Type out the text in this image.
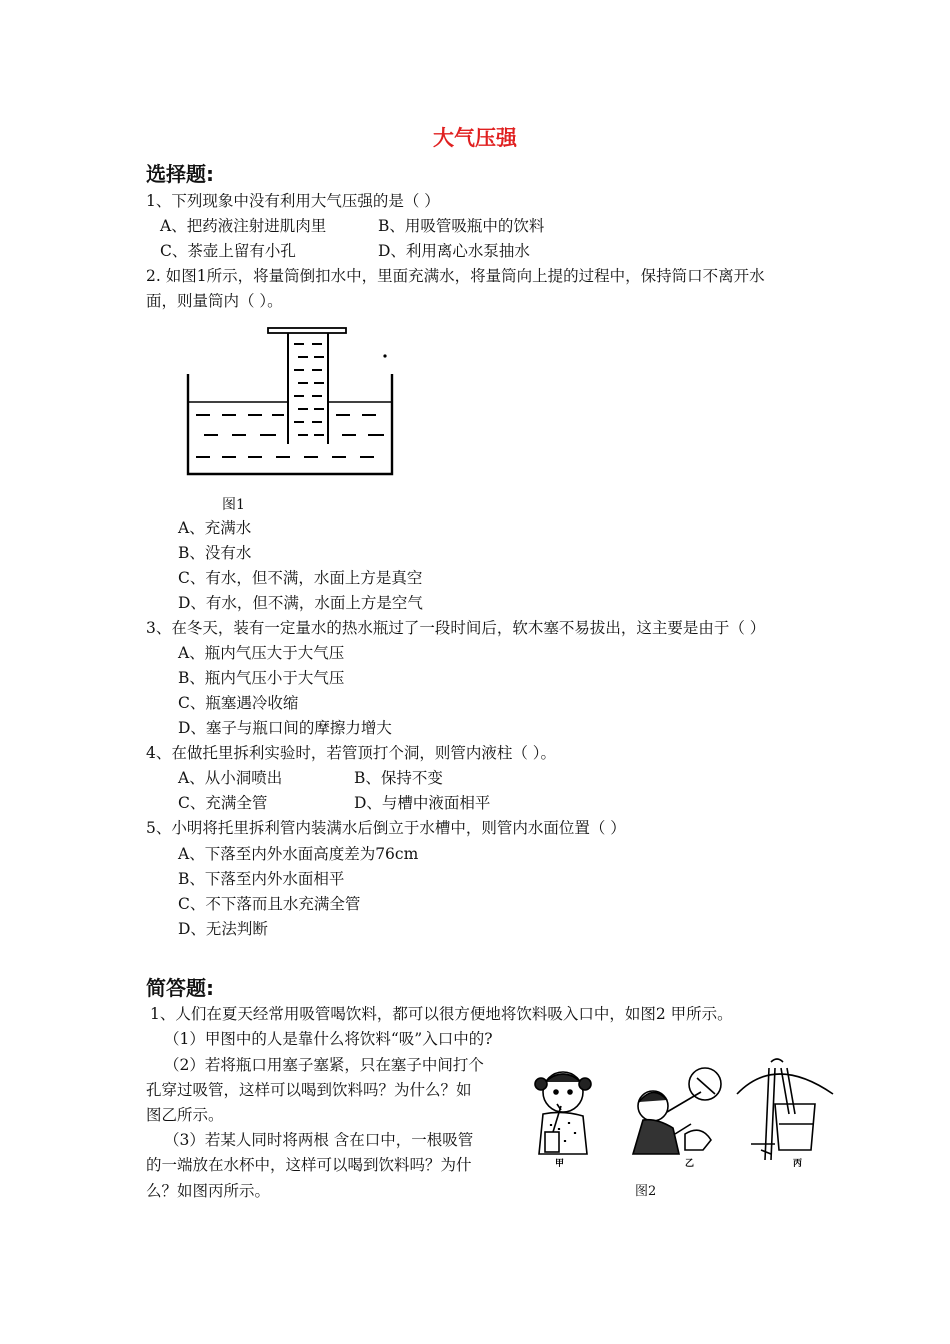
大气压强
选择题:
1、下列现象中没有利用大气压强的是（ ）
A、把药液注射进肌肉里	B、用吸管吸瓶中的饮料
C、茶壶上留有小孔	D、利用离心水泵抽水
2. 如图1所示，将量筒倒扣水中，里面充满水，将量筒向上提的过程中，保持筒口不离开水
面，则量筒内（ ）。
图1
A、充满水
B、没有水
C、有水，但不满，水面上方是真空
D、有水，但不满，水面上方是空气
3、在冬天，装有一定量水的热水瓶过了一段时间后，软木塞不易拔出，这主要是由于（ ）
A、瓶内气压大于大气压
B、瓶内气压小于大气压
C、瓶塞遇冷收缩
D、塞子与瓶口间的摩擦力增大
4、在做托里拆利实验时，若管顶打个洞，则管内液柱（ ）。
A、从小洞喷出	B、保持不变
C、充满全管	D、与槽中液面相平
5、小明将托里拆利管内装满水后倒立于水槽中，则管内水面位置（ ）
A、下落至内外水面高度差为76cm
B、下落至内外水面相平
C、不下落而且水充满全管
D、无法判断
简答题:
1、人们在夏天经常用吸管喝饮料，都可以很方便地将饮料吸入口中，如图2 甲所示。
（1）甲图中的人是靠什么将饮料“吸”入口中的?
（2）若将瓶口用塞子塞紧，只在塞子中间打个
孔穿过吸管，这样可以喝到饮料吗？为什么？如
图乙所示。
（3）若某人同时将两根 含在口中，一根吸管
的一端放在水杯中，这样可以喝到饮料吗？为什
么？如图丙所示。
甲	乙	丙
图2
